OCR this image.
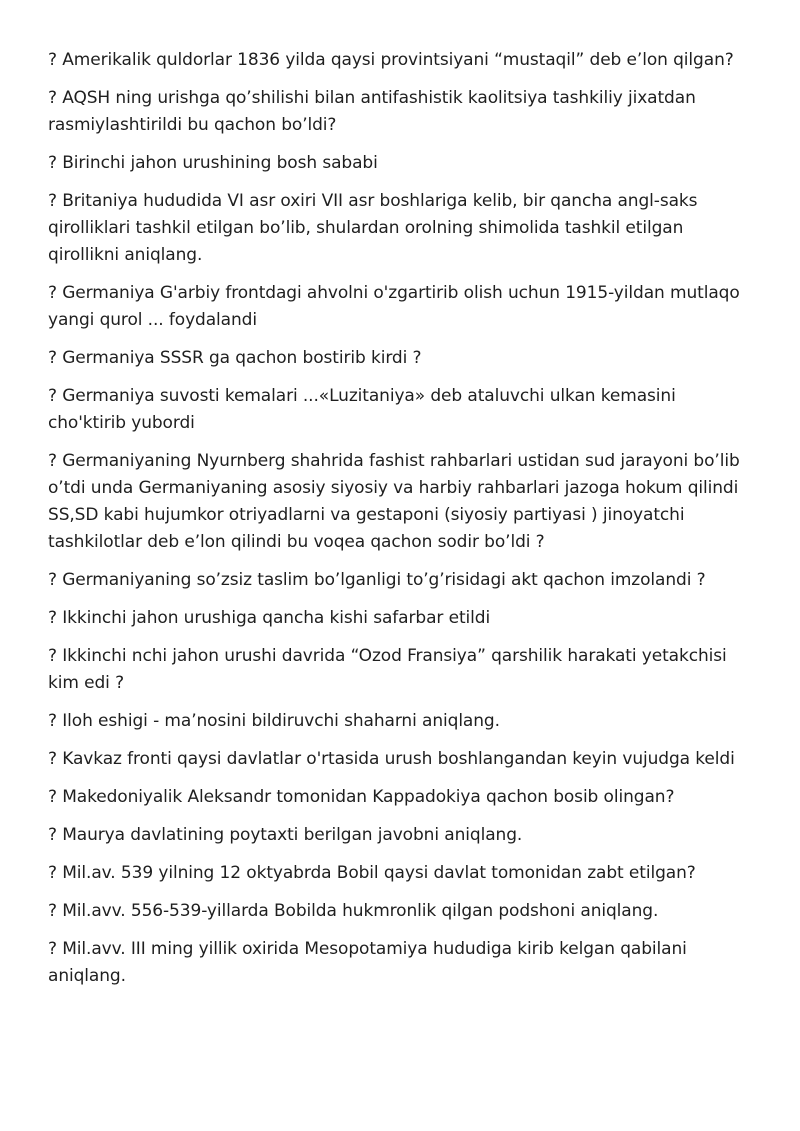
? Amerikalik quldorlar 1836 yilda qaysi provintsiyani “mustaqil” deb e’lon qilgan?

? AQSH ning urishga qo’shilishi bilan antifashistik kaolitsiya tashkiliy jixatdan rasmiylashtirildi bu qachon bo’ldi?

? Birinchi jahon urushining bosh sababi

? Britaniya hududida VI asr oxiri VII asr boshlariga kelib, bir qancha angl-saks qirolliklari tashkil etilgan bo’lib, shulardan orolning shimolida tashkil etilgan qirollikni aniqlang.

? Germaniya G'arbiy frontdagi ahvolni o'zgartirib olish uchun 1915-yildan mutlaqo yangi qurol ... foydalandi

? Germaniya SSSR ga qachon bostirib kirdi ?

? Germaniya suvosti kemalari ...«Luzitaniya» deb ataluvchi ulkan kemasini cho'ktirib yubordi

? Germaniyaning Nyurnberg shahrida fashist rahbarlari ustidan sud jarayoni bo’lib o’tdi unda Germaniyaning asosiy siyosiy va harbiy rahbarlari jazoga hokum qilindi SS,SD kabi hujumkor otriyadlarni va gestaponi (siyosiy partiyasi ) jinoyatchi tashkilotlar deb e’lon qilindi bu voqea qachon sodir bo’ldi ?

? Germaniyaning so’zsiz taslim bo’lganligi to’g’risidagi akt qachon imzolandi ?

? Ikkinchi jahon urushiga qancha kishi safarbar etildi

? Ikkinchi nchi jahon urushi davrida “Ozod Fransiya” qarshilik harakati yetakchisi kim edi ?

? Iloh eshigi - ma’nosini bildiruvchi shaharni aniqlang.

? Kavkaz fronti qaysi davlatlar o'rtasida urush boshlangandan keyin vujudga keldi

? Makedoniyalik Aleksandr tomonidan Kappadokiya qachon bosib olingan?

? Maurya davlatining poytaxti berilgan javobni aniqlang.

? Mil.av. 539 yilning 12 oktyabrda Bobil qaysi davlat tomonidan zabt etilgan?

? Mil.avv. 556-539-yillarda Bobilda hukmronlik qilgan podshoni aniqlang.

? Mil.avv. III ming yillik oxirida Mesopotamiya hududiga kirib kelgan qabilani aniqlang.
